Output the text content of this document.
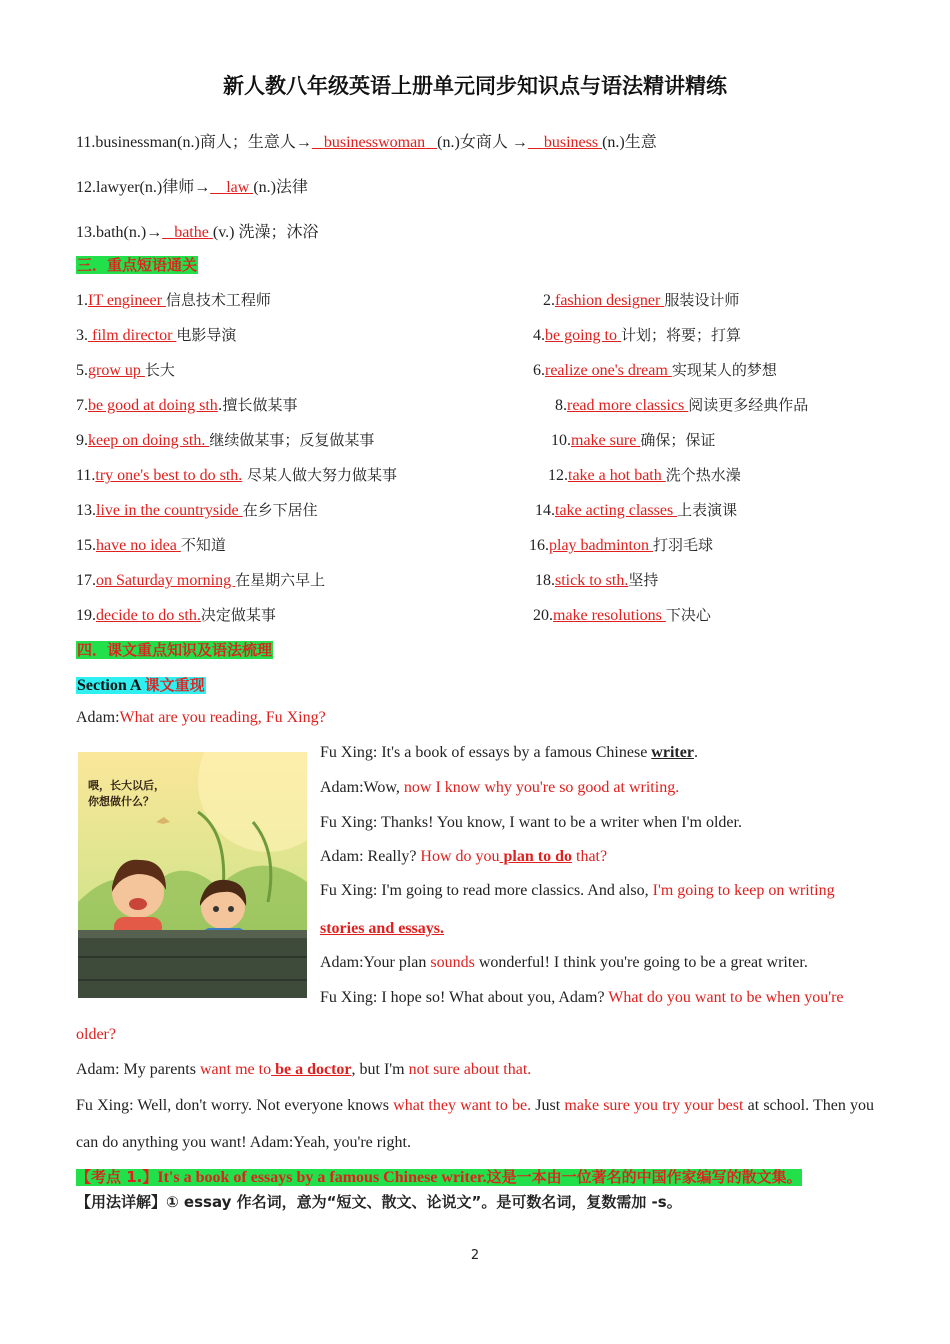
新人教八年级英语上册单元同步知识点与语法精讲精练
11.businessman(n.)商人；生意人→ businesswoman (n.)女商人 → business (n.)生意
12.lawyer(n.)律师→ law (n.)法律
13.bath(n.)→ bathe (v.) 洗澡；沐浴
三．重点短语通关
1.IT engineer 信息技术工程师	2.fashion designer 服装设计师
3. film director 电影导演	4.be going to 计划；将要；打算
5.grow up 长大	6.realize one's dream 实现某人的梦想
7.be good at doing sth.擅长做某事	8.read more classics 阅读更多经典作品
9.keep on doing sth. 继续做某事；反复做某事	10.make sure 确保；保证
11.try one's best to do sth. 尽某人做大努力做某事	12.take a hot bath 洗个热水澡
13.live in the countryside 在乡下居住	14.take acting classes 上表演课
15.have no idea 不知道	16.play badminton 打羽毛球
17.on Saturday morning 在星期六早上	18.stick to sth.坚持
19.decide to do sth.决定做某事	20.make resolutions 下决心
四．课文重点知识及语法梳理
Section A 课文重现
Adam:What are you reading, Fu Xing?
喂，长大以后，你想做什么？
Fu Xing: It's a book of essays by a famous Chinese writer.
Adam:Wow, now I know why you're so good at writing.
Fu Xing: Thanks! You know, I want to be a writer when I'm older.
Adam: Really? How do you plan to do that?
Fu Xing: I'm going to read more classics. And also, I'm going to keep on writing
stories and essays.
Adam:Your plan sounds wonderful! I think you're going to be a great writer.
Fu Xing: I hope so! What about you, Adam? What do you want to be when you're
older?
Adam: My parents want me to be a doctor, but I'm not sure about that.
Fu Xing: Well, don't worry. Not everyone knows what they want to be. Just make sure you try your best at school. Then you can do anything you want! Adam:Yeah, you're right.
【考点 1.】It's a book of essays by a famous Chinese writer.这是一本由一位著名的中国作家编写的散文集。
【用法详解】① essay 作名词，意为“短文、散文、论说文”。是可数名词，复数需加 -s。
2
